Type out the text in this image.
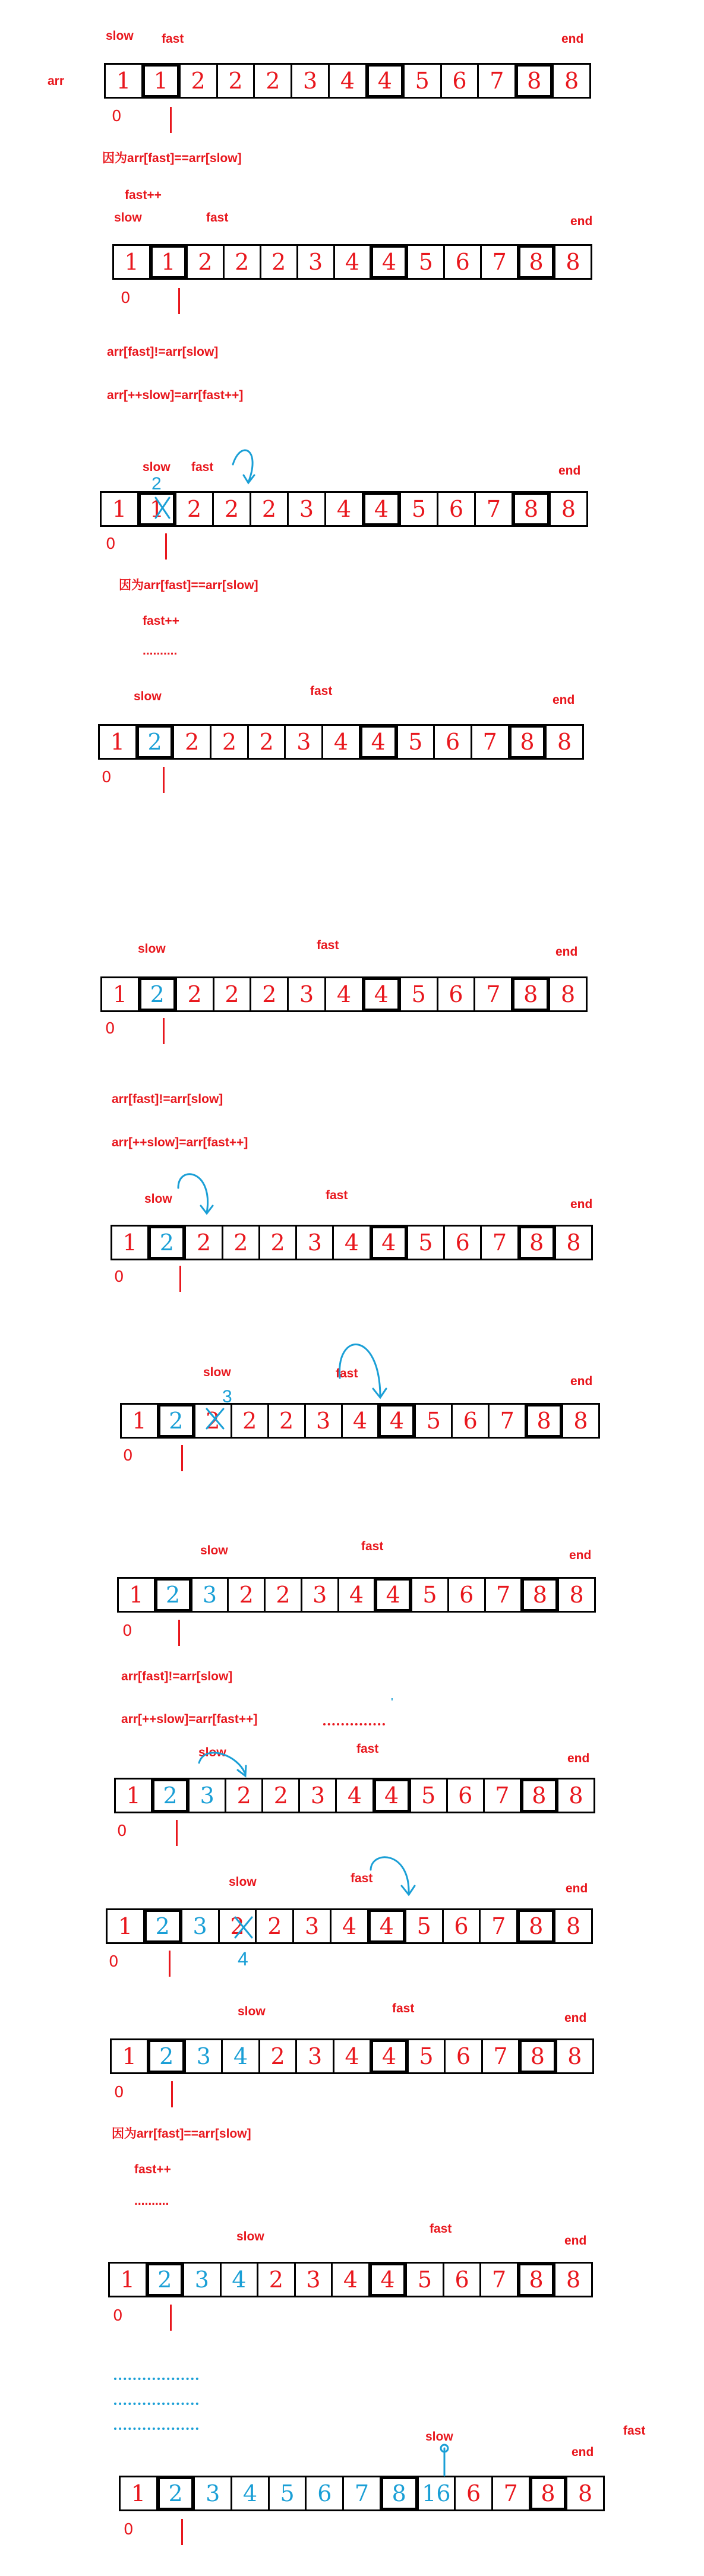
slow fast	end
arr	1	1	2	2	2	3	4	4	5	6	7	8	8
0
因为arr[fast]==arr[slow]
fast++
slow	fast	end
1 1 2 2 2 3 4 4 5 6 7 8 8
0
arr[fast]!=arr[slow]
arr[++slow]=arr[fast++]
slow fast	end
1	1	2	2	2	3	4	4	5	6	7	8	8
2
0
因为arr[fast]==arr[slow]
fast++
..........
slow	fast
end
1	2	2	2	2	3	4	4	5	6	7	8	8
0
slow	fast	end
1	2	2	2	2	3	4	4	5	6	7	8	8
0
arr[fast]!=arr[slow]
arr[++slow]=arr[fast++]
slow	fast
end
1	2	2	2	2	3	4	4	5	6	7	8	8
0
slow	fast
end
1 2 2 2 2 3 4 4 5 6 7 8 8
3
0
slow	fast
end
1 2 3 2 2 3 4 4 5 6 7 8 8
0
arr[fast]!=arr[slow]
arr[++slow]=arr[fast++]
'
slow	fast
end
1 2 3 2 2 3 4 4 5 6 7 8 8
0
slow	fast
end
1	2	3	2	2	3	4	4	5	6	7	8	8
4
0
slow	fast
end
1	2	3	4	2	3	4	4	5	6	7	8	8
0
因为arr[fast]==arr[slow]
fast++
..........
slow
fast
end
1	2	3	4	2	3	4	4	5	6	7	8	8
0
slow	fast
end
1	2	3	4	5	6	7	8 16 6	7	8	8
0
